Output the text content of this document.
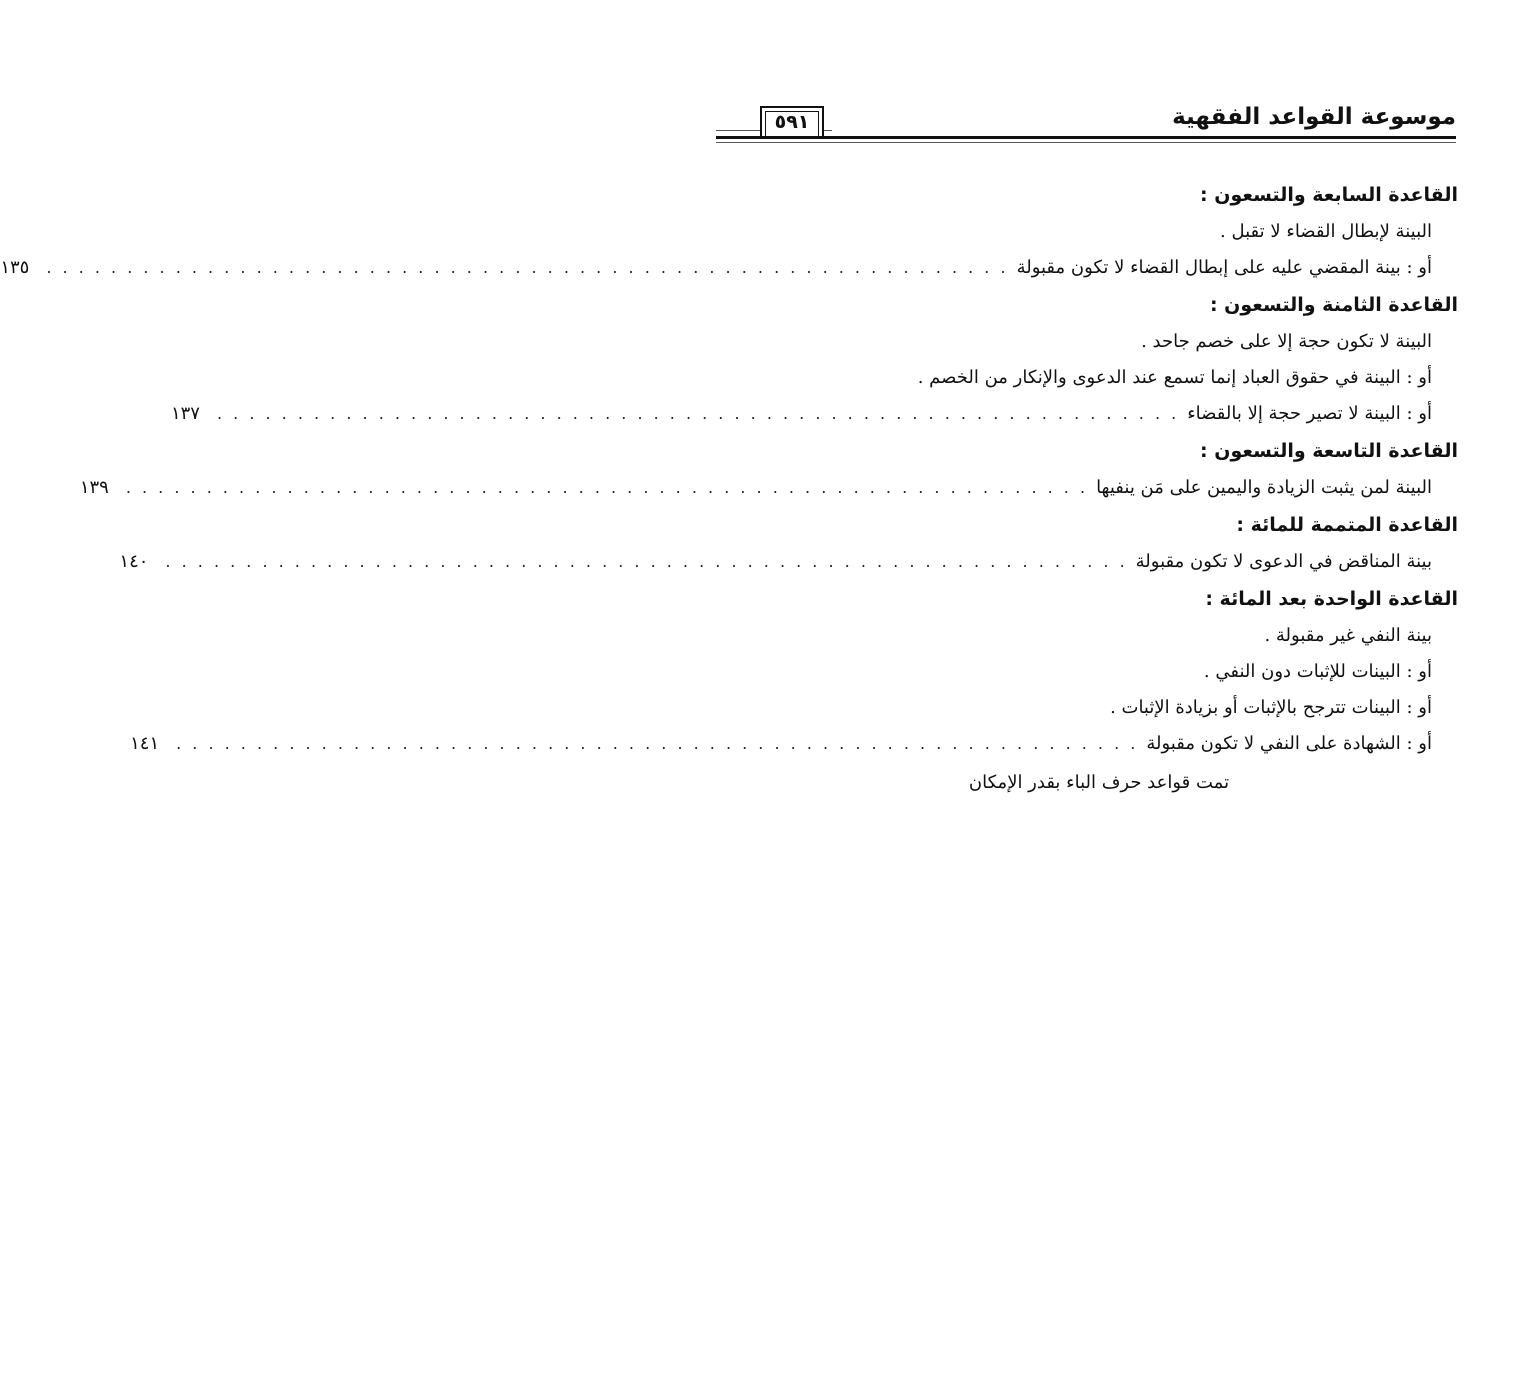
موسوعة القواعد الفقهية
٥٩١
القاعدة السابعة والتسعون :
البينة لإبطال القضاء لا تقبل .
أو : بينة المقضي عليه على إبطال القضاء لا تكون مقبولة
. . . . . . . . . . . . . . . . . . . . . . . . . . . . . . . . . . . . . . . . . . . . . . . . . . . . . . . . . . . .
١٣٥
القاعدة الثامنة والتسعون :
البينة لا تكون حجة إلا على خصم جاحد .
أو : البينة في حقوق العباد إنما تسمع عند الدعوى والإنكار من الخصم .
أو : البينة لا تصير حجة إلا بالقضاء
. . . . . . . . . . . . . . . . . . . . . . . . . . . . . . . . . . . . . . . . . . . . . . . . . . . . . . . . . . . .
١٣٧
القاعدة التاسعة والتسعون :
البينة لمن يثبت الزيادة واليمين على مَن ينفيها
. . . . . . . . . . . . . . . . . . . . . . . . . . . . . . . . . . . . . . . . . . . . . . . . . . . . . . . . . . . .
١٣٩
القاعدة المتممة للمائة :
بينة المناقض في الدعوى لا تكون مقبولة
. . . . . . . . . . . . . . . . . . . . . . . . . . . . . . . . . . . . . . . . . . . . . . . . . . . . . . . . . . . .
١٤٠
القاعدة الواحدة بعد المائة :
بينة النفي غير مقبولة .
أو : البينات للإثبات دون النفي .
أو : البينات تترجح بالإثبات أو بزيادة الإثبات .
أو : الشهادة على النفي لا تكون مقبولة
. . . . . . . . . . . . . . . . . . . . . . . . . . . . . . . . . . . . . . . . . . . . . . . . . . . . . . . . . . . .
١٤١
تمت قواعد حرف الباء بقدر الإمكان
